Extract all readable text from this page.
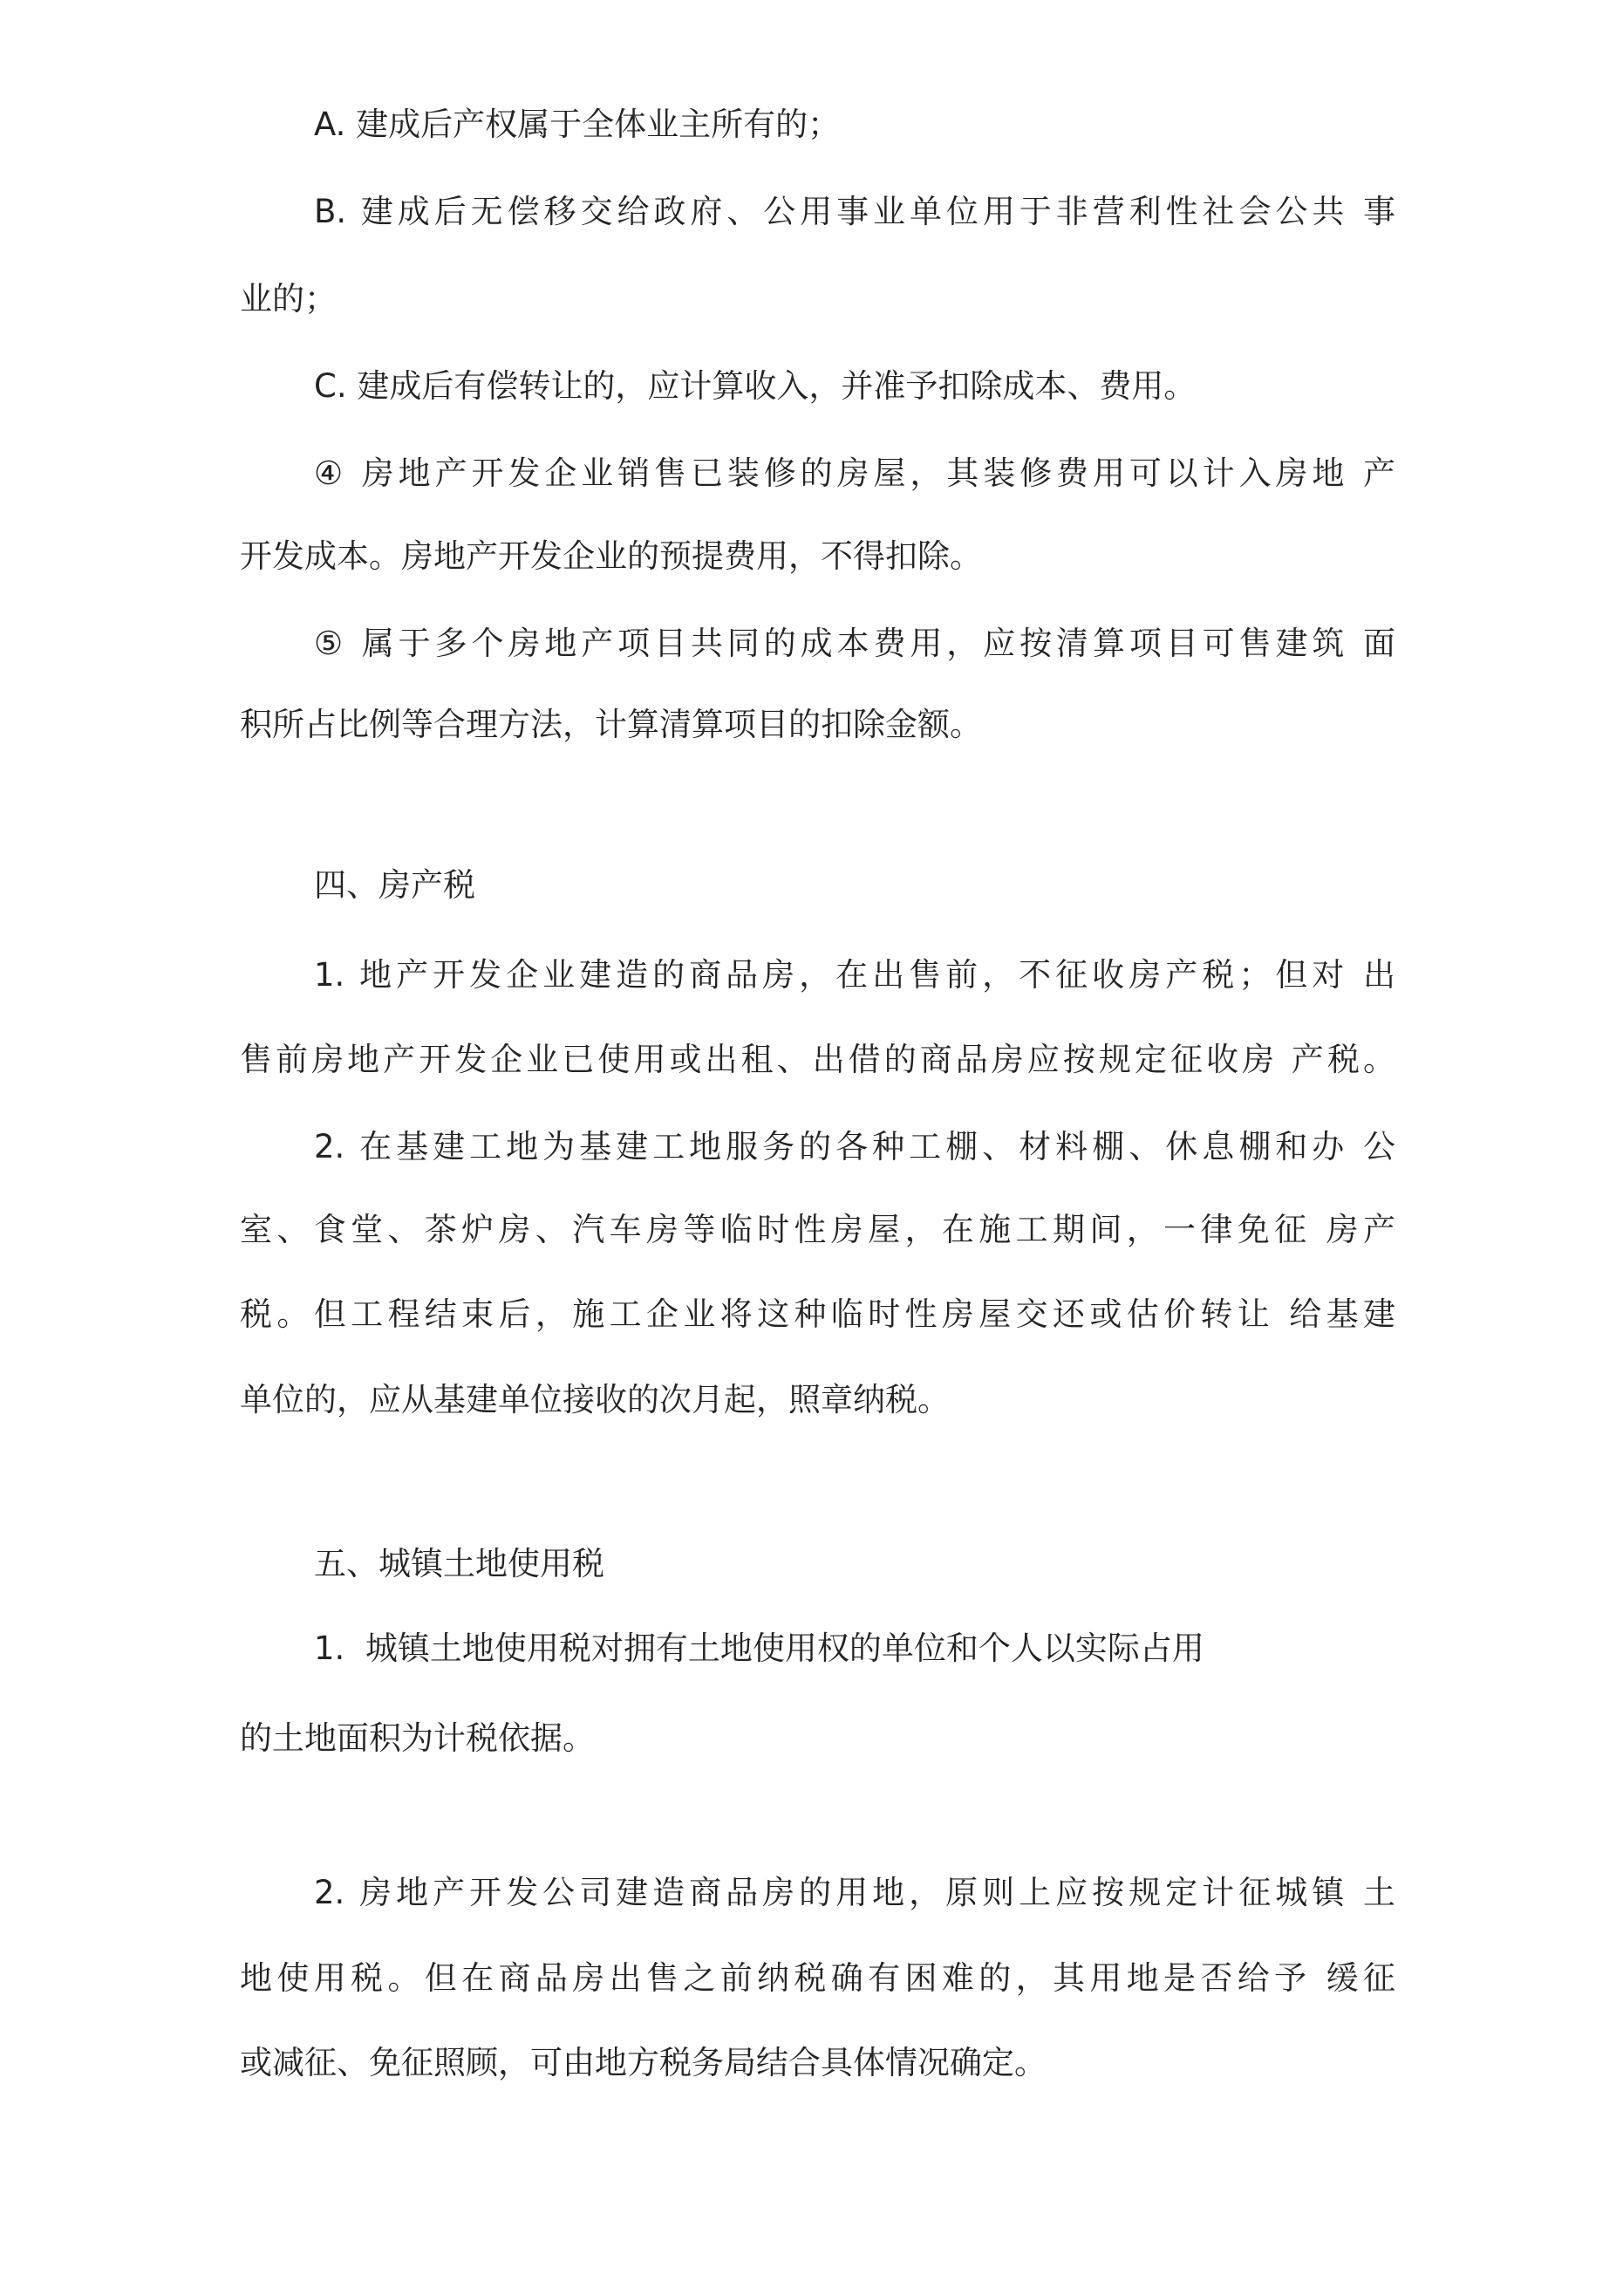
A. 建成后产权属于全体业主所有的；
B. 建成后无偿移交给政府、公用事业单位用于非营利性社会公共 事
业的；
C. 建成后有偿转让的，应计算收入，并准予扣除成本、费用。
④ 房地产开发企业销售已装修的房屋，其装修费用可以计入房地 产
开发成本。房地产开发企业的预提费用，不得扣除。
⑤ 属于多个房地产项目共同的成本费用，应按清算项目可售建筑 面
积所占比例等合理方法，计算清算项目的扣除金额。
四、房产税
1. 地产开发企业建造的商品房，在出售前，不征收房产税；但对 出
售前房地产开发企业已使用或出租、出借的商品房应按规定征收房 产税。
2. 在基建工地为基建工地服务的各种工棚、材料棚、休息棚和办 公
室、食堂、茶炉房、汽车房等临时性房屋，在施工期间，一律免征 房产
税。但工程结束后，施工企业将这种临时性房屋交还或估价转让 给基建
单位的，应从基建单位接收的次月起，照章纳税。
五、城镇土地使用税
1.  城镇土地使用税对拥有土地使用权的单位和个人以实际占用
的土地面积为计税依据。
2. 房地产开发公司建造商品房的用地，原则上应按规定计征城镇 土
地使用税。但在商品房出售之前纳税确有困难的，其用地是否给予 缓征
或减征、免征照顾，可由地方税务局结合具体情况确定。
